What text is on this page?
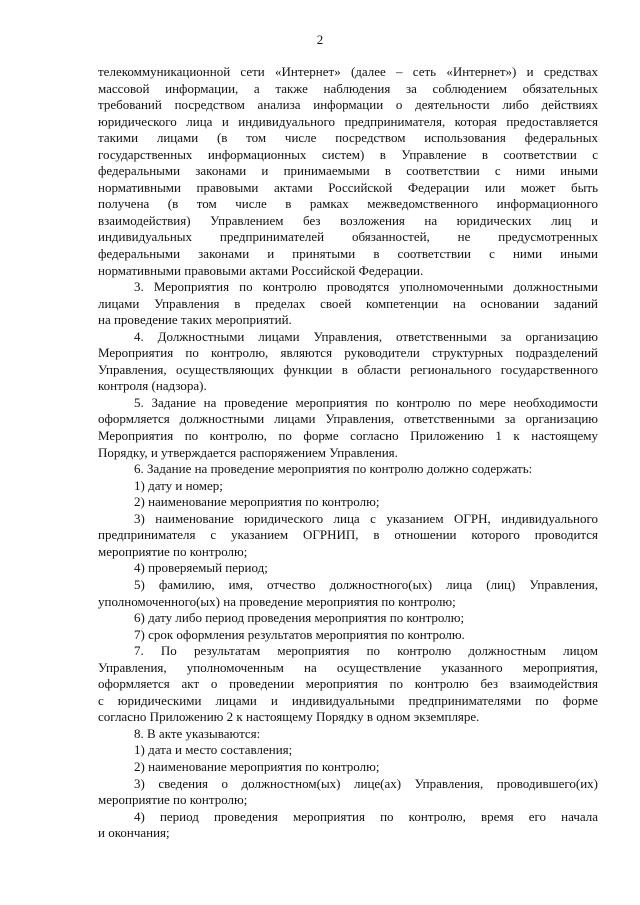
2
телекоммуникационной сети «Интернет» (далее – сеть «Интернет») и средствах
массовой информации, а также наблюдения за соблюдением обязательных
требований посредством анализа информации о деятельности либо действиях
юридического лица и индивидуального предпринимателя, которая предоставляется
такими лицами (в том числе посредством использования федеральных
государственных информационных систем) в Управление в соответствии с
федеральными законами и принимаемыми в соответствии с ними иными
нормативными правовыми актами Российской Федерации или может быть
получена (в том числе в рамках межведомственного информационного
взаимодействия) Управлением без возложения на юридических лиц и
индивидуальных предпринимателей обязанностей, не предусмотренных
федеральными законами и принятыми в соответствии с ними иными
нормативными правовыми актами Российской Федерации.
3. Мероприятия по контролю проводятся уполномоченными должностными
лицами Управления в пределах своей компетенции на основании заданий
на проведение таких мероприятий.
4. Должностными лицами Управления, ответственными за организацию
Мероприятия по контролю, являются руководители структурных подразделений
Управления, осуществляющих функции в области регионального государственного
контроля (надзора).
5. Задание на проведение мероприятия по контролю по мере необходимости
оформляется должностными лицами Управления, ответственными за организацию
Мероприятия по контролю, по форме согласно Приложению 1 к настоящему
Порядку, и утверждается распоряжением Управления.
6. Задание на проведение мероприятия по контролю должно содержать:
1) дату и номер;
2) наименование мероприятия по контролю;
3) наименование юридического лица с указанием ОГРН, индивидуального
предпринимателя с указанием ОГРНИП, в отношении которого проводится
мероприятие по контролю;
4) проверяемый период;
5) фамилию, имя, отчество должностного(ых) лица (лиц) Управления,
уполномоченного(ых) на проведение мероприятия по контролю;
6) дату либо период проведения мероприятия по контролю;
7) срок оформления результатов мероприятия по контролю.
7. По результатам мероприятия по контролю должностным лицом
Управления, уполномоченным на осуществление указанного мероприятия,
оформляется акт о проведении мероприятия по контролю без взаимодействия
с юридическими лицами и индивидуальными предпринимателями по форме
согласно Приложению 2 к настоящему Порядку в одном экземпляре.
8. В акте указываются:
1) дата и место составления;
2) наименование мероприятия по контролю;
3) сведения о должностном(ых) лице(ах) Управления, проводившего(их)
мероприятие по контролю;
4) период проведения мероприятия по контролю, время его начала
и окончания;
